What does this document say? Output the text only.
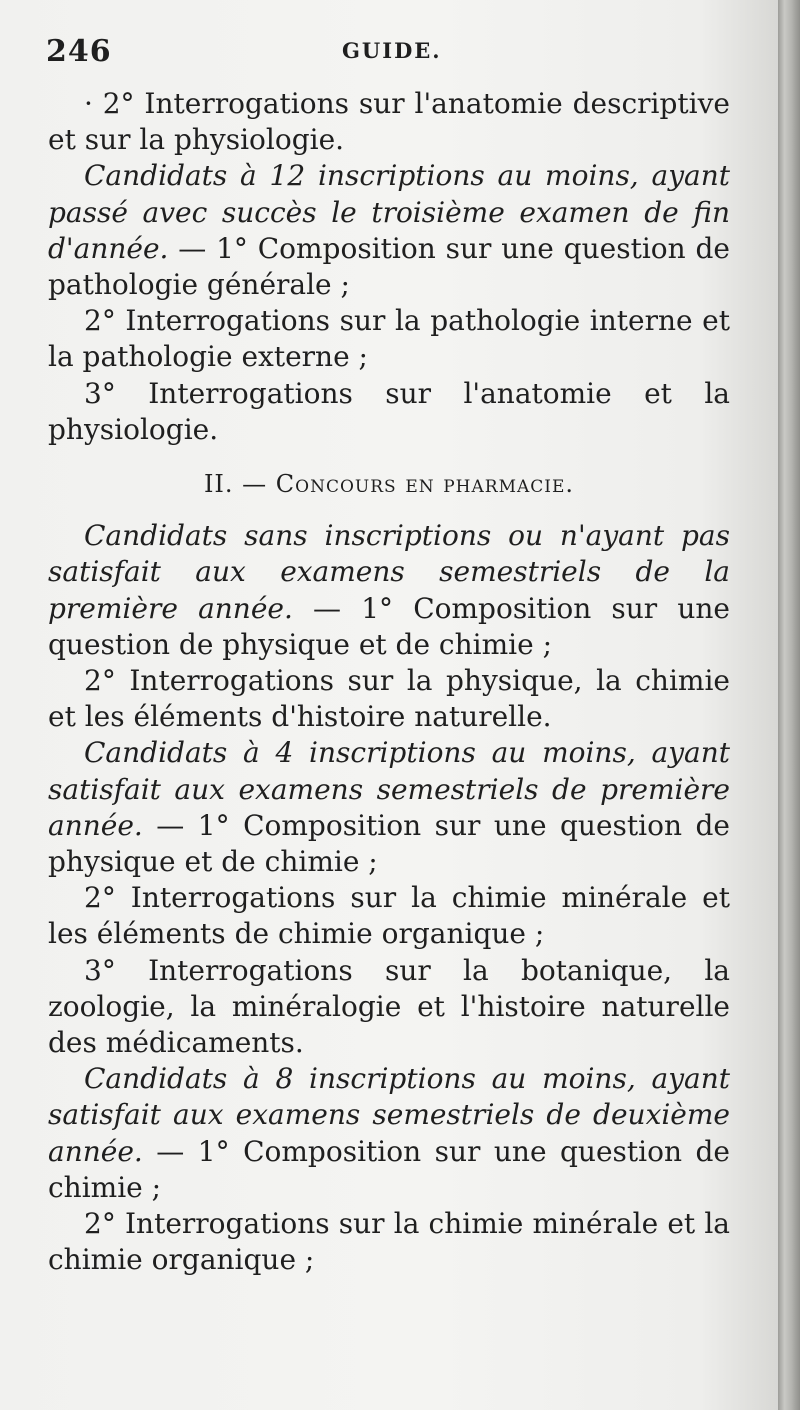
246	GUIDE.

· 2° Interrogations sur l'anatomie descriptive et sur la physiologie.

Candidats à 12 inscriptions au moins, ayant passé avec succès le troisième examen de fin d'année. — 1° Composition sur une question de pathologie générale ;

2° Interrogations sur la pathologie interne et la pathologie externe ;

3° Interrogations sur l'anatomie et la physiologie.

II. — Concours en pharmacie.

Candidats sans inscriptions ou n'ayant pas satisfait aux examens semestriels de la première année. — 1° Composition sur une question de physique et de chimie ;

2° Interrogations sur la physique, la chimie et les éléments d'histoire naturelle.

Candidats à 4 inscriptions au moins, ayant satisfait aux examens semestriels de première année. — 1° Composition sur une question de physique et de chimie ;

2° Interrogations sur la chimie minérale et les éléments de chimie organique ;

3° Interrogations sur la botanique, la zoologie, la minéralogie et l'histoire naturelle des médicaments.

Candidats à 8 inscriptions au moins, ayant satisfait aux examens semestriels de deuxième année. — 1° Composition sur une question de chimie ;

2° Interrogations sur la chimie minérale et la chimie organique ;
